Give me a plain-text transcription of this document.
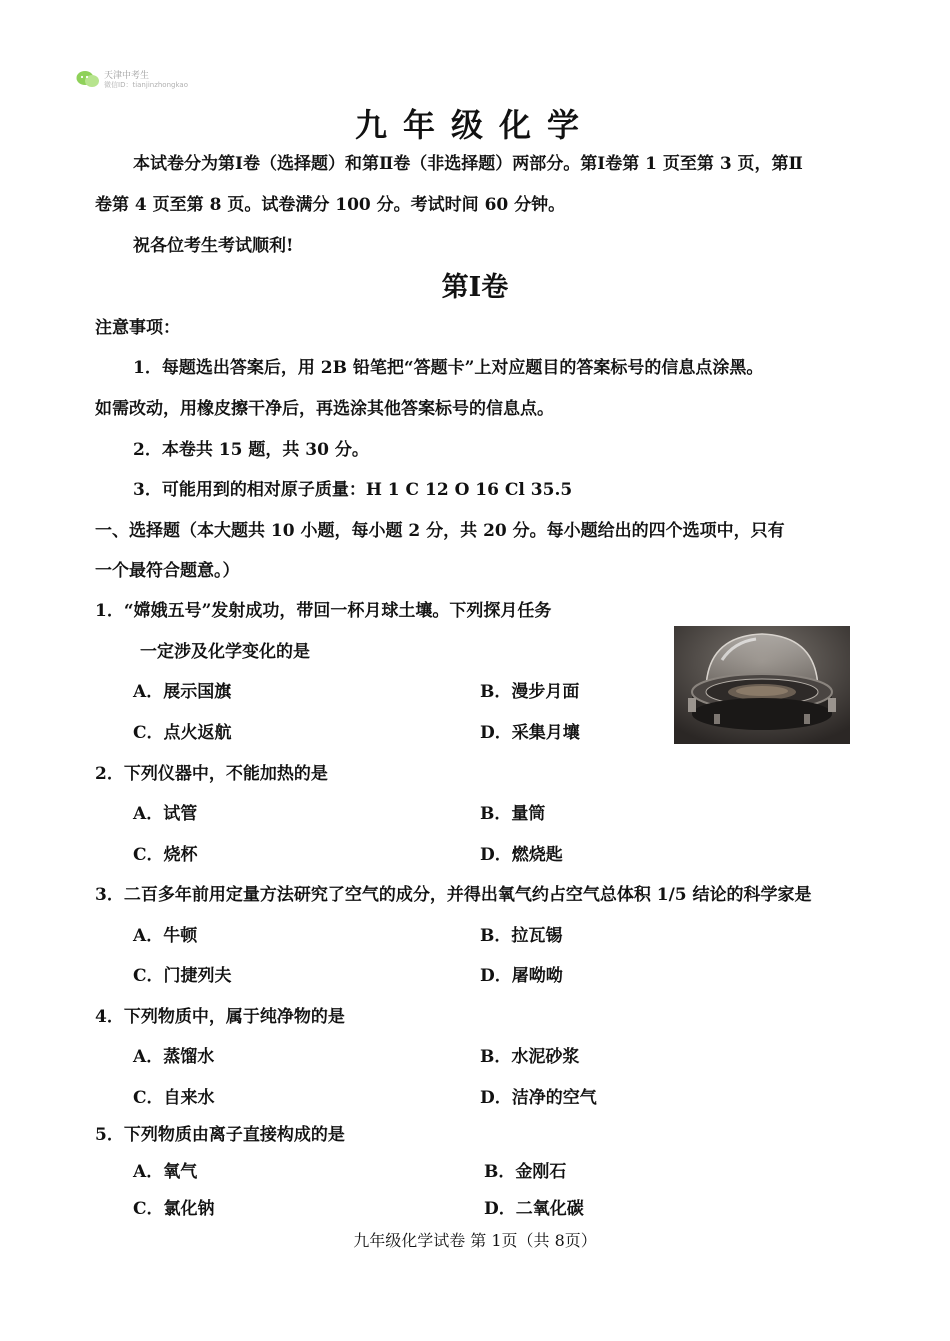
天津中考生
微信ID：tianjinzhongkao
九年级化学
本试卷分为第Ⅰ卷（选择题）和第Ⅱ卷（非选择题）两部分。第Ⅰ卷第 1 页至第 3 页，第Ⅱ
卷第 4 页至第 8 页。试卷满分 100 分。考试时间 60 分钟。
祝各位考生考试顺利!
第Ⅰ卷
注意事项：
1．每题选出答案后，用 2B 铅笔把“答题卡”上对应题目的答案标号的信息点涂黑。
如需改动，用橡皮擦干净后，再选涂其他答案标号的信息点。
2．本卷共 15 题，共 30 分。
3．可能用到的相对原子质量：H 1 C 12 O 16 Cl 35.5
一、选择题（本大题共 10 小题，每小题 2 分，共 20 分。每小题给出的四个选项中，只有
一个最符合题意。）
1．“嫦娥五号”发射成功，带回一杯月球土壤。下列探月任务
一定涉及化学变化的是
A．展示国旗	B．漫步月面
C．点火返航	D．采集月壤
2．下列仪器中，不能加热的是
A．试管	B．量筒
C．烧杯	D．燃烧匙
3．二百多年前用定量方法研究了空气的成分，并得出氧气约占空气总体积 1/5 结论的科学家是
A．牛顿	B．拉瓦锡
C．门捷列夫	D．屠呦呦
4．下列物质中，属于纯净物的是
A．蒸馏水	B．水泥砂浆
C．自来水	D．洁净的空气
5．下列物质由离子直接构成的是
A．氧气	B．金刚石
C．氯化钠	D．二氧化碳
九年级化学试卷 第 1页（共 8页）
